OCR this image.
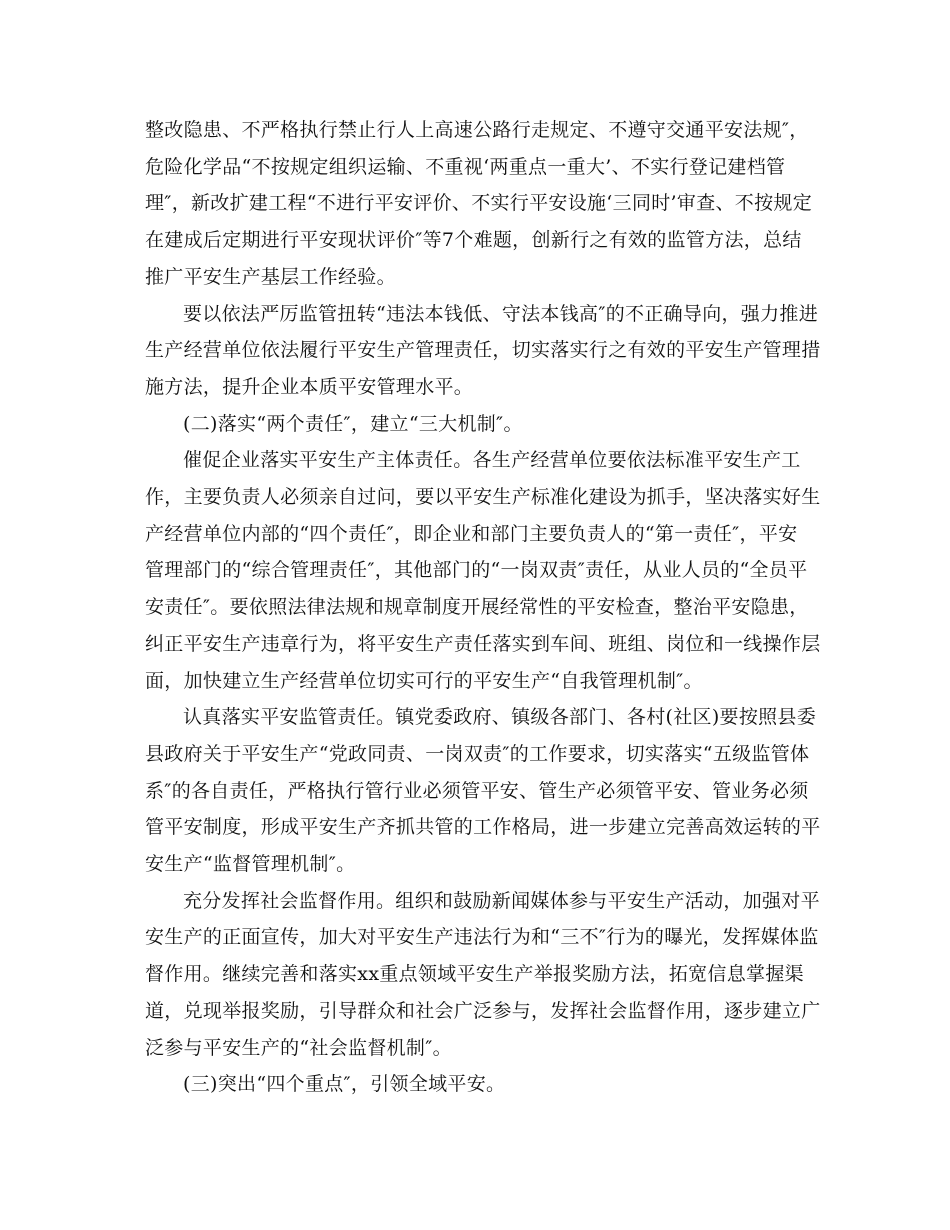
整改隐患、不严格执行禁止行人上高速公路行走规定、不遵守交通平安法规″，
危险化学品“不按规定组织运输、不重视‘两重点一重大’、不实行登记建档管
理″，新改扩建工程“不进行平安评价、不实行平安设施‘三同时’审查、不按规定
在建成后定期进行平安现状评价″等7个难题，创新行之有效的监管方法，总结
推广平安生产基层工作经验。

要以依法严厉监管扭转“违法本钱低、守法本钱高″的不正确导向，强力推进
生产经营单位依法履行平安生产管理责任，切实落实行之有效的平安生产管理措
施方法，提升企业本质平安管理水平。

(二)落实“两个责任″，建立“三大机制″。

催促企业落实平安生产主体责任。各生产经营单位要依法标准平安生产工
作，主要负责人必须亲自过问，要以平安生产标准化建设为抓手，坚决落实好生
产经营单位内部的“四个责任″，即企业和部门主要负责人的“第一责任″，平安
管理部门的“综合管理责任″，其他部门的“一岗双责″责任，从业人员的“全员平
安责任″。要依照法律法规和规章制度开展经常性的平安检查，整治平安隐患，
纠正平安生产违章行为，将平安生产责任落实到车间、班组、岗位和一线操作层
面，加快建立生产经营单位切实可行的平安生产“自我管理机制″。

认真落实平安监管责任。镇党委政府、镇级各部门、各村(社区)要按照县委
县政府关于平安生产“党政同责、一岗双责″的工作要求，切实落实“五级监管体
系″的各自责任，严格执行管行业必须管平安、管生产必须管平安、管业务必须
管平安制度，形成平安生产齐抓共管的工作格局，进一步建立完善高效运转的平
安生产“监督管理机制″。

充分发挥社会监督作用。组织和鼓励新闻媒体参与平安生产活动，加强对平
安生产的正面宣传，加大对平安生产违法行为和“三不″行为的曝光，发挥媒体监
督作用。继续完善和落实xx重点领域平安生产举报奖励方法，拓宽信息掌握渠
道，兑现举报奖励，引导群众和社会广泛参与，发挥社会监督作用，逐步建立广
泛参与平安生产的“社会监督机制″。

(三)突出“四个重点″，引领全域平安。
